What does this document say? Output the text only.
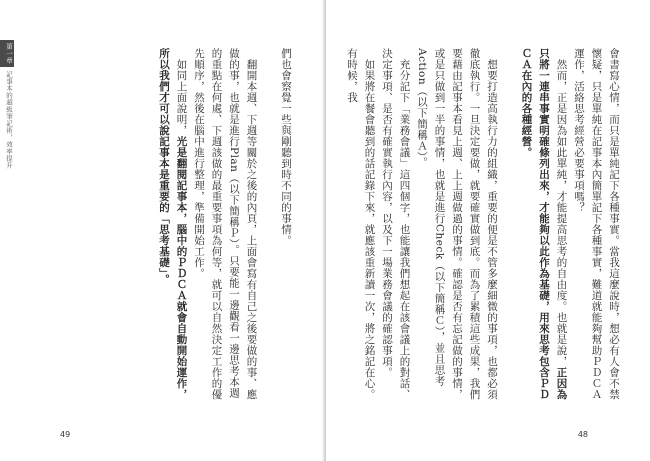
第一章
記事本的超級筆記術，效率提升	們也會察覺一些與剛聽到時不同的事情。

翻開本週、下週等關於之後的內頁，上面會寫有自己之後要做的事、應做的事，也就是進行Plan（以下簡稱Ｐ）。只要能一邊觀看一邊思考本週的重點在何處、下週該做的最重要事項為何等，就可以自然決定工作的優先順序，然後在腦中進行整理，準備開始工作。

如同上面說明，光是翻閱記事本，腦中的ＰＤＣＡ就會自動開始運作，所以我們才可以說記事本是重要的「思考基礎」。

49

會書寫心情，而只是單純記下各種事實。當我這麼說時，想必有人會不禁懷疑，只是單純在記事本內簡單記下各種事實，難道就能夠幫助ＰＤＣＡ運作，活絡思考經營必要事項嗎？

然而，正是因為如此單純，才能提高思考的自由度。也就是說，正因為只將一連串事實明確條列出來，才能夠以此作為基礎，用來思考包含ＰＤＣＡ在內的各種經營。

想要打造高執行力的組織，重要的便是不管多麼細微的事項，也都必須徹底執行。一旦決定要做，就要確實做到底。而為了累積這些成果，我們要藉由記事本看見上週、上上週做過的事情。確認是否有忘記做的事情，或是只做到一半的事情，也就是進行Check（以下簡稱Ｃ），並且思考Action（以下簡稱Ａ）。

充分記下「業務會議」這四個字，也能讓我們想起在該會議上的對話、決定事項、是否有確實執行內容，以及下一場業務會議的確認事項。

如果將在餐會聽到的話記錄下來，就應該重新讀一次，將之銘記在心。有時候，我

48
